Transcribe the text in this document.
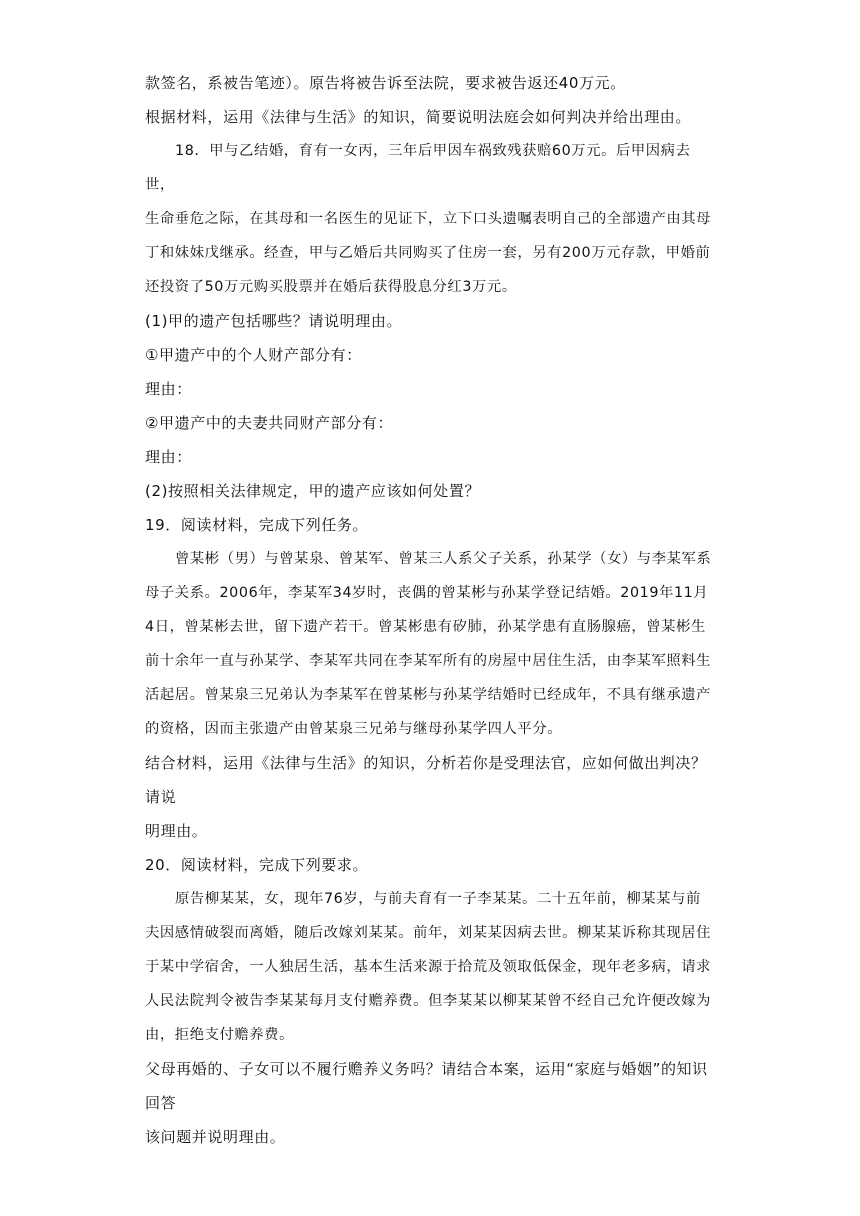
款签名，系被告笔迹）。原告将被告诉至法院，要求被告返还40万元。

根据材料，运用《法律与生活》的知识，简要说明法庭会如何判决并给出理由。

18．甲与乙结婚，育有一女丙，三年后甲因车祸致残获赔60万元。后甲因病去世，

生命垂危之际，在其母和一名医生的见证下，立下口头遗嘱表明自己的全部遗产由其母

丁和妹妹戊继承。经查，甲与乙婚后共同购买了住房一套，另有200万元存款，甲婚前

还投资了50万元购买股票并在婚后获得股息分红3万元。

(1)甲的遗产包括哪些？请说明理由。

①甲遗产中的个人财产部分有：

理由：

②甲遗产中的夫妻共同财产部分有：

理由：

(2)按照相关法律规定，甲的遗产应该如何处置？

19．阅读材料，完成下列任务。

曾某彬（男）与曾某泉、曾某军、曾某三人系父子关系，孙某学（女）与李某军系

母子关系。2006年，李某军34岁时，丧偶的曾某彬与孙某学登记结婚。2019年11月

4日，曾某彬去世，留下遗产若干。曾某彬患有矽肺，孙某学患有直肠腺癌，曾某彬生

前十余年一直与孙某学、李某军共同在李某军所有的房屋中居住生活，由李某军照料生

活起居。曾某泉三兄弟认为李某军在曾某彬与孙某学结婚时已经成年，不具有继承遗产

的资格，因而主张遗产由曾某泉三兄弟与继母孙某学四人平分。

结合材料，运用《法律与生活》的知识，分析若你是受理法官，应如何做出判决？请说

明理由。

20．阅读材料，完成下列要求。

原告柳某某，女，现年76岁，与前夫育有一子李某某。二十五年前，柳某某与前

夫因感情破裂而离婚，随后改嫁刘某某。前年，刘某某因病去世。柳某某诉称其现居住

于某中学宿舍，一人独居生活，基本生活来源于拾荒及领取低保金，现年老多病，请求

人民法院判令被告李某某每月支付赡养费。但李某某以柳某某曾不经自己允许便改嫁为

由，拒绝支付赡养费。

父母再婚的、子女可以不履行赡养义务吗？请结合本案，运用“家庭与婚姻”的知识回答

该问题并说明理由。
